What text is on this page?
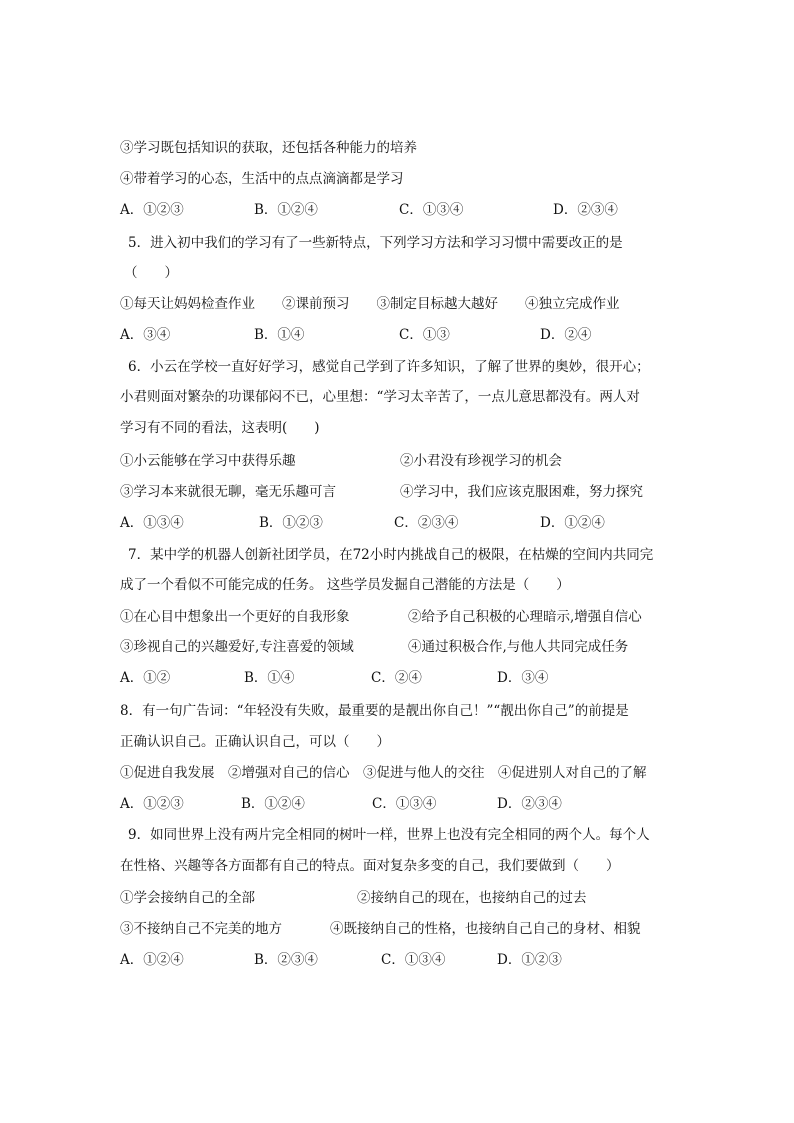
③学习既包括知识的获取，还包括各种能力的培养
④带着学习的心态，生活中的点点滴滴都是学习
A．①②③	B．①②④	C．①③④	D．②③④
5．进入初中我们的学习有了一些新特点，下列学习方法和学习习惯中需要改正的是
（　　）
①每天让妈妈检查作业　　②课前预习　　③制定目标越大越好　　④独立完成作业
A．③④	B．①④	C．①③	D．②④
6．小云在学校一直好好学习，感觉自己学到了许多知识，了解了世界的奥妙，很开心；
小君则面对繁杂的功课郁闷不已，心里想：“学习太辛苦了，一点儿意思都没有。两人对
学习有不同的看法，这表明(　　)
①小云能够在学习中获得乐趣	②小君没有珍视学习的机会
③学习本来就很无聊，毫无乐趣可言	④学习中，我们应该克服困难，努力探究
A．①③④	B．①②③	C．②③④	D．①②④
7．某中学的机器人创新社团学员，在72小时内挑战自己的极限，在枯燥的空间内共同完
成了一个看似不可能完成的任务。 这些学员发掘自己潜能的方法是（　　）
①在心目中想象出一个更好的自我形象	②给予自己积极的心理暗示,增强自信心
③珍视自己的兴趣爱好,专注喜爱的领域	④通过积极合作,与他人共同完成任务
A．①②	B．①④	C．②④	D．③④
8．有一句广告词：“年轻没有失败，最重要的是靓出你自己！”“靓出你自己”的前提是
正确认识自己。正确认识自己，可以（　　）
①促进自我发展　②增强对自己的信心　③促进与他人的交往　④促进别人对自己的了解
A．①②③	B．①②④	C．①③④	D．②③④
9．如同世界上没有两片完全相同的树叶一样，世界上也没有完全相同的两个人。每个人
在性格、兴趣等各方面都有自己的特点。面对复杂多变的自己，我们要做到（　　）
①学会接纳自己的全部	②接纳自己的现在，也接纳自己的过去
③不接纳自己不完美的地方	④既接纳自己的性格，也接纳自己自己的身材、相貌
A．①②④	B．②③④	C．①③④	D．①②③
